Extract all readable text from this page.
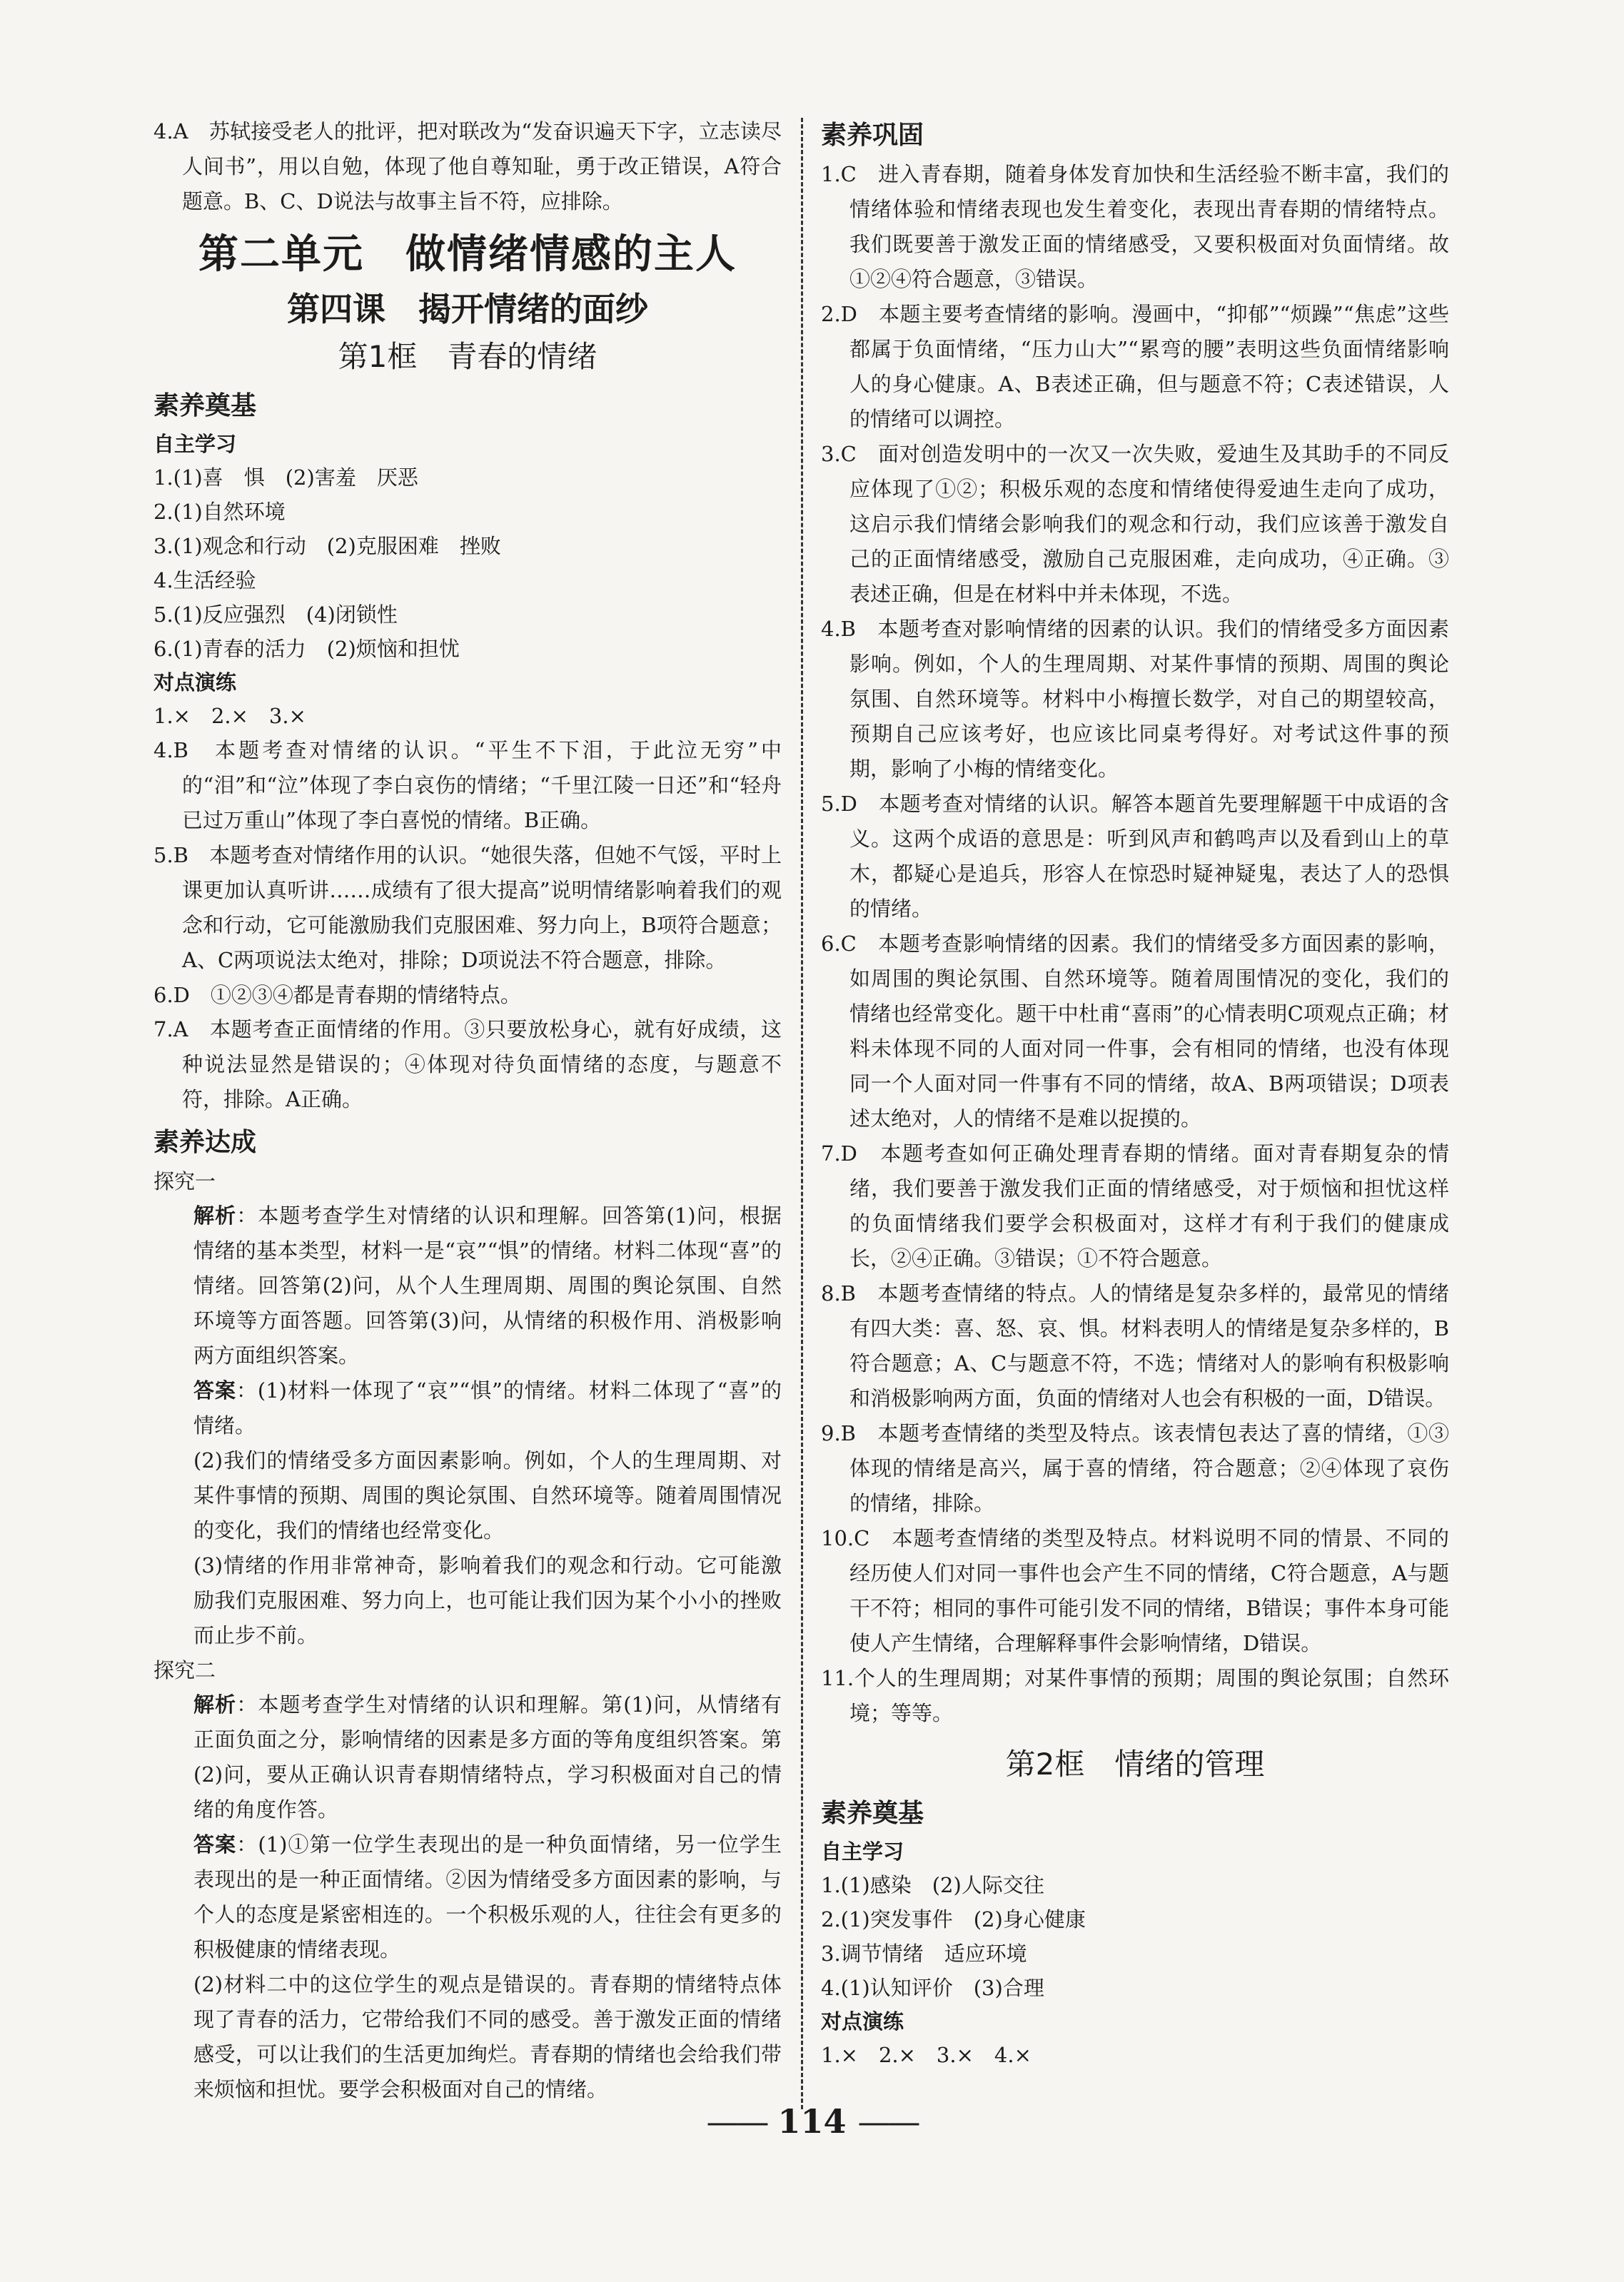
4.A　苏轼接受老人的批评，把对联改为“发奋识遍天下字，立志读尽人间书”，用以自勉，体现了他自尊知耻，勇于改正错误，A符合题意。B、C、D说法与故事主旨不符，应排除。

第二单元　做情绪情感的主人
第四课　揭开情绪的面纱
第1框　青春的情绪
素养奠基
自主学习

1.(1)喜　惧　(2)害羞　厌恶

2.(1)自然环境

3.(1)观念和行动　(2)克服困难　挫败

4.生活经验

5.(1)反应强烈　(4)闭锁性

6.(1)青春的活力　(2)烦恼和担忧

对点演练

1.×　2.×　3.×

4.B　本题考查对情绪的认识。“平生不下泪，于此泣无穷”中的“泪”和“泣”体现了李白哀伤的情绪；“千里江陵一日还”和“轻舟已过万重山”体现了李白喜悦的情绪。B正确。

5.B　本题考查对情绪作用的认识。“她很失落，但她不气馁，平时上课更加认真听讲……成绩有了很大提高”说明情绪影响着我们的观念和行动，它可能激励我们克服困难、努力向上，B项符合题意；A、C两项说法太绝对，排除；D项说法不符合题意，排除。

6.D　①②③④都是青春期的情绪特点。

7.A　本题考查正面情绪的作用。③只要放松身心，就有好成绩，这种说法显然是错误的；④体现对待负面情绪的态度，与题意不符，排除。A正确。

素养达成

探究一

解析：本题考查学生对情绪的认识和理解。回答第(1)问，根据情绪的基本类型，材料一是“哀”“惧”的情绪。材料二体现“喜”的情绪。回答第(2)问，从个人生理周期、周围的舆论氛围、自然环境等方面答题。回答第(3)问，从情绪的积极作用、消极影响两方面组织答案。

答案：(1)材料一体现了“哀”“惧”的情绪。材料二体现了“喜”的情绪。

(2)我们的情绪受多方面因素影响。例如，个人的生理周期、对某件事情的预期、周围的舆论氛围、自然环境等。随着周围情况的变化，我们的情绪也经常变化。

(3)情绪的作用非常神奇，影响着我们的观念和行动。它可能激励我们克服困难、努力向上，也可能让我们因为某个小小的挫败而止步不前。

探究二

解析：本题考查学生对情绪的认识和理解。第(1)问，从情绪有正面负面之分，影响情绪的因素是多方面的等角度组织答案。第(2)问，要从正确认识青春期情绪特点，学习积极面对自己的情绪的角度作答。

答案：(1)①第一位学生表现出的是一种负面情绪，另一位学生表现出的是一种正面情绪。②因为情绪受多方面因素的影响，与个人的态度是紧密相连的。一个积极乐观的人，往往会有更多的积极健康的情绪表现。

(2)材料二中的这位学生的观点是错误的。青春期的情绪特点体现了青春的活力，它带给我们不同的感受。善于激发正面的情绪感受，可以让我们的生活更加绚烂。青春期的情绪也会给我们带来烦恼和担忧。要学会积极面对自己的情绪。

素养巩固

1.C　进入青春期，随着身体发育加快和生活经验不断丰富，我们的情绪体验和情绪表现也发生着变化，表现出青春期的情绪特点。我们既要善于激发正面的情绪感受，又要积极面对负面情绪。故①②④符合题意，③错误。

2.D　本题主要考查情绪的影响。漫画中，“抑郁”“烦躁”“焦虑”这些都属于负面情绪，“压力山大”“累弯的腰”表明这些负面情绪影响人的身心健康。A、B表述正确，但与题意不符；C表述错误，人的情绪可以调控。

3.C　面对创造发明中的一次又一次失败，爱迪生及其助手的不同反应体现了①②；积极乐观的态度和情绪使得爱迪生走向了成功，这启示我们情绪会影响我们的观念和行动，我们应该善于激发自己的正面情绪感受，激励自己克服困难，走向成功，④正确。③表述正确，但是在材料中并未体现，不选。

4.B　本题考查对影响情绪的因素的认识。我们的情绪受多方面因素影响。例如，个人的生理周期、对某件事情的预期、周围的舆论氛围、自然环境等。材料中小梅擅长数学，对自己的期望较高，预期自己应该考好，也应该比同桌考得好。对考试这件事的预期，影响了小梅的情绪变化。

5.D　本题考查对情绪的认识。解答本题首先要理解题干中成语的含义。这两个成语的意思是：听到风声和鹤鸣声以及看到山上的草木，都疑心是追兵，形容人在惊恐时疑神疑鬼，表达了人的恐惧的情绪。

6.C　本题考查影响情绪的因素。我们的情绪受多方面因素的影响，如周围的舆论氛围、自然环境等。随着周围情况的变化，我们的情绪也经常变化。题干中杜甫“喜雨”的心情表明C项观点正确；材料未体现不同的人面对同一件事，会有相同的情绪，也没有体现同一个人面对同一件事有不同的情绪，故A、B两项错误；D项表述太绝对，人的情绪不是难以捉摸的。

7.D　本题考查如何正确处理青春期的情绪。面对青春期复杂的情绪，我们要善于激发我们正面的情绪感受，对于烦恼和担忧这样的负面情绪我们要学会积极面对，这样才有利于我们的健康成长，②④正确。③错误；①不符合题意。

8.B　本题考查情绪的特点。人的情绪是复杂多样的，最常见的情绪有四大类：喜、怒、哀、惧。材料表明人的情绪是复杂多样的，B符合题意；A、C与题意不符，不选；情绪对人的影响有积极影响和消极影响两方面，负面的情绪对人也会有积极的一面，D错误。

9.B　本题考查情绪的类型及特点。该表情包表达了喜的情绪，①③体现的情绪是高兴，属于喜的情绪，符合题意；②④体现了哀伤的情绪，排除。

10.C　本题考查情绪的类型及特点。材料说明不同的情景、不同的经历使人们对同一事件也会产生不同的情绪，C符合题意，A与题干不符；相同的事件可能引发不同的情绪，B错误；事件本身可能使人产生情绪，合理解释事件会影响情绪，D错误。

11.个人的生理周期；对某件事情的预期；周围的舆论氛围；自然环境；等等。

第2框　情绪的管理
素养奠基
自主学习

1.(1)感染　(2)人际交往

2.(1)突发事件　(2)身心健康

3.调节情绪　适应环境

4.(1)认知评价　(3)合理

对点演练

1.×　2.×　3.×　4.×

—— 114 ——
